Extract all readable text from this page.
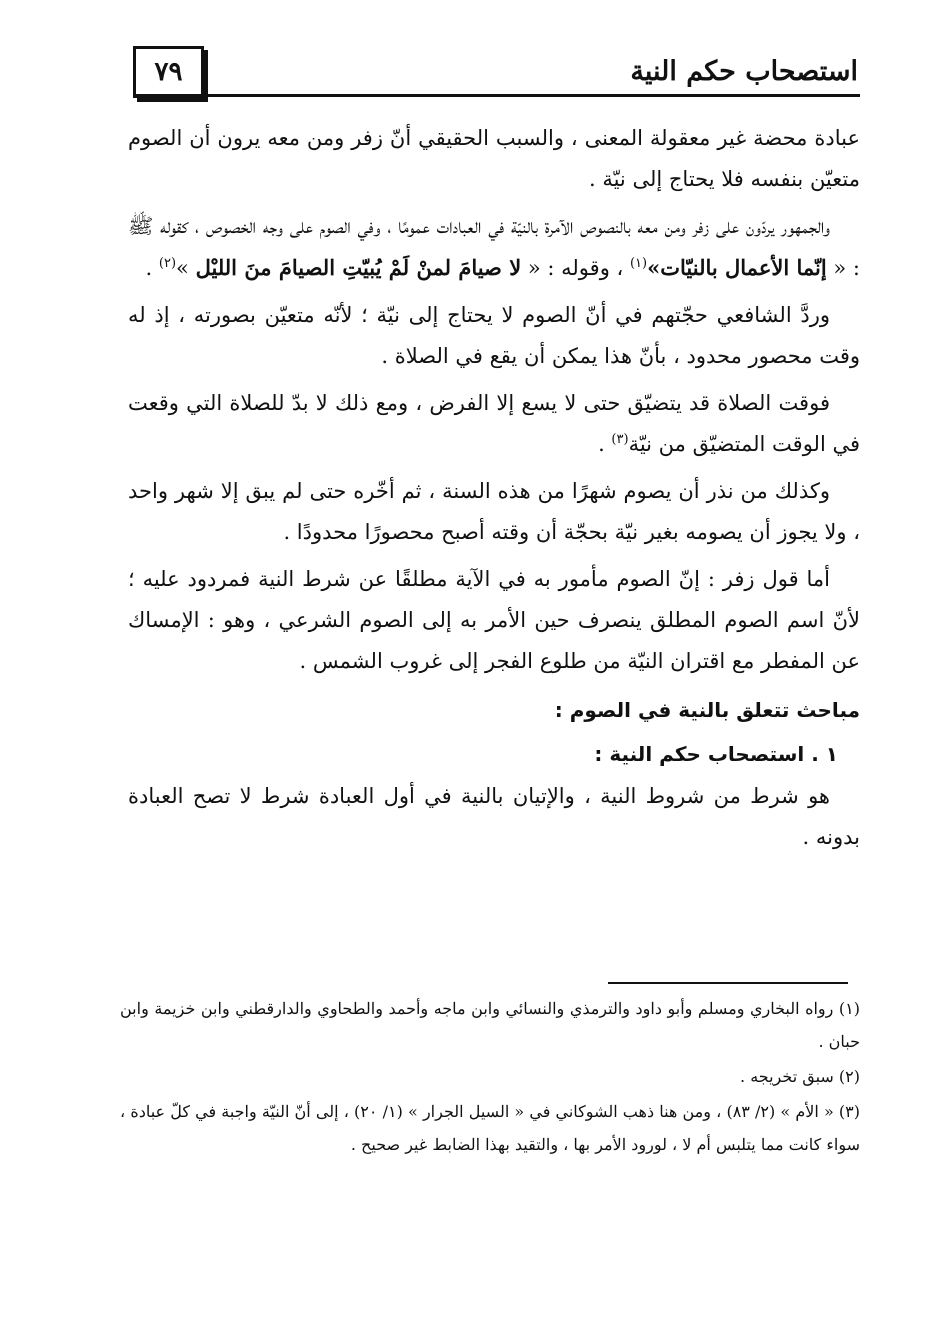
٧٩	استصحاب حكم النية

عبادة محضة غير معقولة المعنى ، والسبب الحقيقي أنّ زفر ومن معه يرون أن الصوم متعيّن بنفسه فلا يحتاج إلى نيّة .

والجمهور يردّون على زفر ومن معه بالنصوص الآمرة بالنيّة في العبادات عمومًا ، وفي الصوم على وجه الخصوص ، كقوله ﷺ : « إنّما الأعمال بالنيّات»$^{(١)}$ ، وقوله : « لا صيامَ لمنْ لَمْ يُبيّتِ الصيامَ منَ الليْل »$^{(٢)}$ .

وردَّ الشافعي حجّتهم في أنّ الصوم لا يحتاج إلى نيّة ؛ لأنّه متعيّن بصورته ، إذ له وقت محصور محدود ، بأنّ هذا يمكن أن يقع في الصلاة .

فوقت الصلاة قد يتضيّق حتى لا يسع إلا الفرض ، ومع ذلك لا بدّ للصلاة التي وقعت في الوقت المتضيّق من نيّة$^{(٣)}$ .

وكذلك من نذر أن يصوم شهرًا من هذه السنة ، ثم أخّره حتى لم يبق إلا شهر واحد ، ولا يجوز أن يصومه بغير نيّة بحجّة أن وقته أصبح محصورًا محدودًا .

أما قول زفر : إنّ الصوم مأمور به في الآية مطلقًا عن شرط النية فمردود عليه ؛ لأنّ اسم الصوم المطلق ينصرف حين الأمر به إلى الصوم الشرعي ، وهو : الإمساك عن المفطر مع اقتران النيّة من طلوع الفجر إلى غروب الشمس .

مباحث تتعلق بالنية في الصوم :
١ . استصحاب حكم النية :

هو شرط من شروط النية ، والإتيان بالنية في أول العبادة شرط لا تصح العبادة بدونه .

(١) رواه البخاري ومسلم وأبو داود والترمذي والنسائي وابن ماجه وأحمد والطحاوي والدارقطني وابن خزيمة وابن حبان .

(٢) سبق تخريجه .

(٣) « الأم » (٢/ ٨٣) ، ومن هنا ذهب الشوكاني في « السيل الجرار » (١/ ٢٠) ، إلى أنّ النيّة واجبة في كلّ عبادة ، سواء كانت مما يتلبس أم لا ، لورود الأمر بها ، والتقيد بهذا الضابط غير صحيح .
